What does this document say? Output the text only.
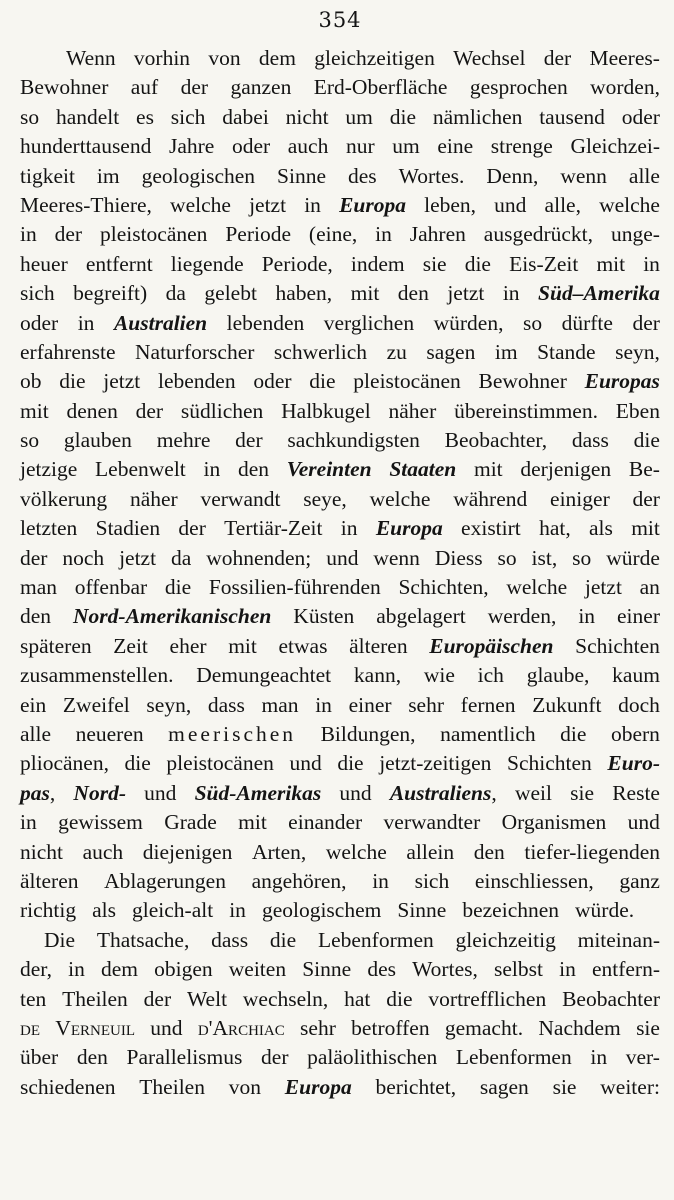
354
Wenn vorhin von dem gleichzeitigen Wechsel der Meeres-
Bewohner auf der ganzen Erd-Oberfläche gesprochen worden,
so handelt es sich dabei nicht um die nämlichen tausend oder
hunderttausend Jahre oder auch nur um eine strenge Gleichzei-
tigkeit im geologischen Sinne des Wortes. Denn, wenn alle
Meeres-Thiere, welche jetzt in Europa leben, und alle, welche
in der pleistocänen Periode (eine, in Jahren ausgedrückt, unge-
heuer entfernt liegende Periode, indem sie die Eis-Zeit mit in
sich begreift) da gelebt haben, mit den jetzt in Süd–Amerika
oder in Australien lebenden verglichen würden, so dürfte der
erfahrenste Naturforscher schwerlich zu sagen im Stande seyn,
ob die jetzt lebenden oder die pleistocänen Bewohner Europas
mit denen der südlichen Halbkugel näher übereinstimmen. Eben
so glauben mehre der sachkundigsten Beobachter, dass die
jetzige Lebenwelt in den Vereinten Staaten mit derjenigen Be-
völkerung näher verwandt seye, welche während einiger der
letzten Stadien der Tertiär-Zeit in Europa existirt hat, als mit
der noch jetzt da wohnenden; und wenn Diess so ist, so würde
man offenbar die Fossilien-führenden Schichten, welche jetzt an
den Nord-Amerikanischen Küsten abgelagert werden, in einer
späteren Zeit eher mit etwas älteren Europäischen Schichten
zusammenstellen. Demungeachtet kann, wie ich glaube, kaum
ein Zweifel seyn, dass man in einer sehr fernen Zukunft doch
alle neueren meerischen Bildungen, namentlich die obern
pliocänen, die pleistocänen und die jetzt-zeitigen Schichten Euro-
pas, Nord- und Süd-Amerikas und Australiens, weil sie Reste
in gewissem Grade mit einander verwandter Organismen und
nicht auch diejenigen Arten, welche allein den tiefer-liegenden
älteren Ablagerungen angehören, in sich einschliessen, ganz
richtig als gleich-alt in geologischem Sinne bezeichnen würde.
Die Thatsache, dass die Lebenformen gleichzeitig miteinan-
der, in dem obigen weiten Sinne des Wortes, selbst in entfern-
ten Theilen der Welt wechseln, hat die vortrefflichen Beobachter
de Verneuil und d'Archiac sehr betroffen gemacht. Nachdem sie
über den Parallelismus der paläolithischen Lebenformen in ver-
schiedenen Theilen von Europa berichtet, sagen sie weiter:
